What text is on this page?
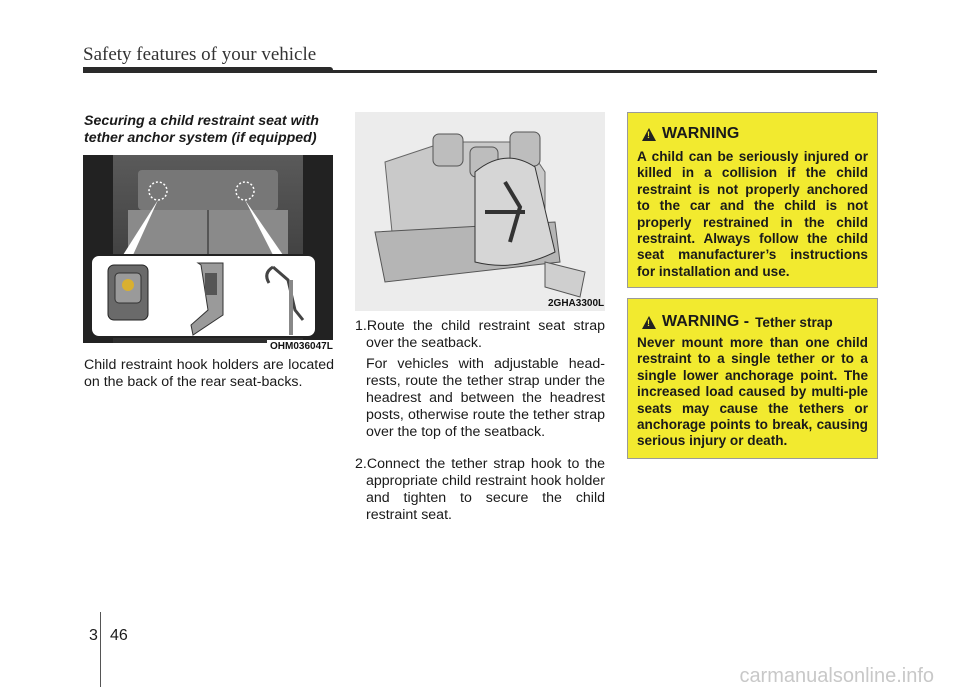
Safety features of your vehicle
Securing a child restraint seat with tether anchor system (if equipped)
OHM036047L
Child restraint hook holders are located on the back of the rear seat-backs.
2GHA3300L
1.Route the child restraint seat strap over the seatback.
For vehicles with adjustable head-rests, route the tether strap under the headrest and between the headrest posts, otherwise route the tether strap over the top of the seatback.
2.Connect the tether strap hook to the appropriate child restraint hook holder and tighten to secure the child restraint seat.
!
WARNING
A child can be seriously injured or killed in a collision if the child restraint is not properly anchored to the car and the child is not properly restrained in the child restraint. Always follow the child seat manufacturer’s instructions for installation and use.
!
WARNING - Tether strap
Never mount more than one child restraint to a single tether or to a single lower anchorage point. The increased load caused by multi-ple seats may cause the tethers or anchorage points to break, causing serious injury or death.
3 46
carmanualsonline.info
